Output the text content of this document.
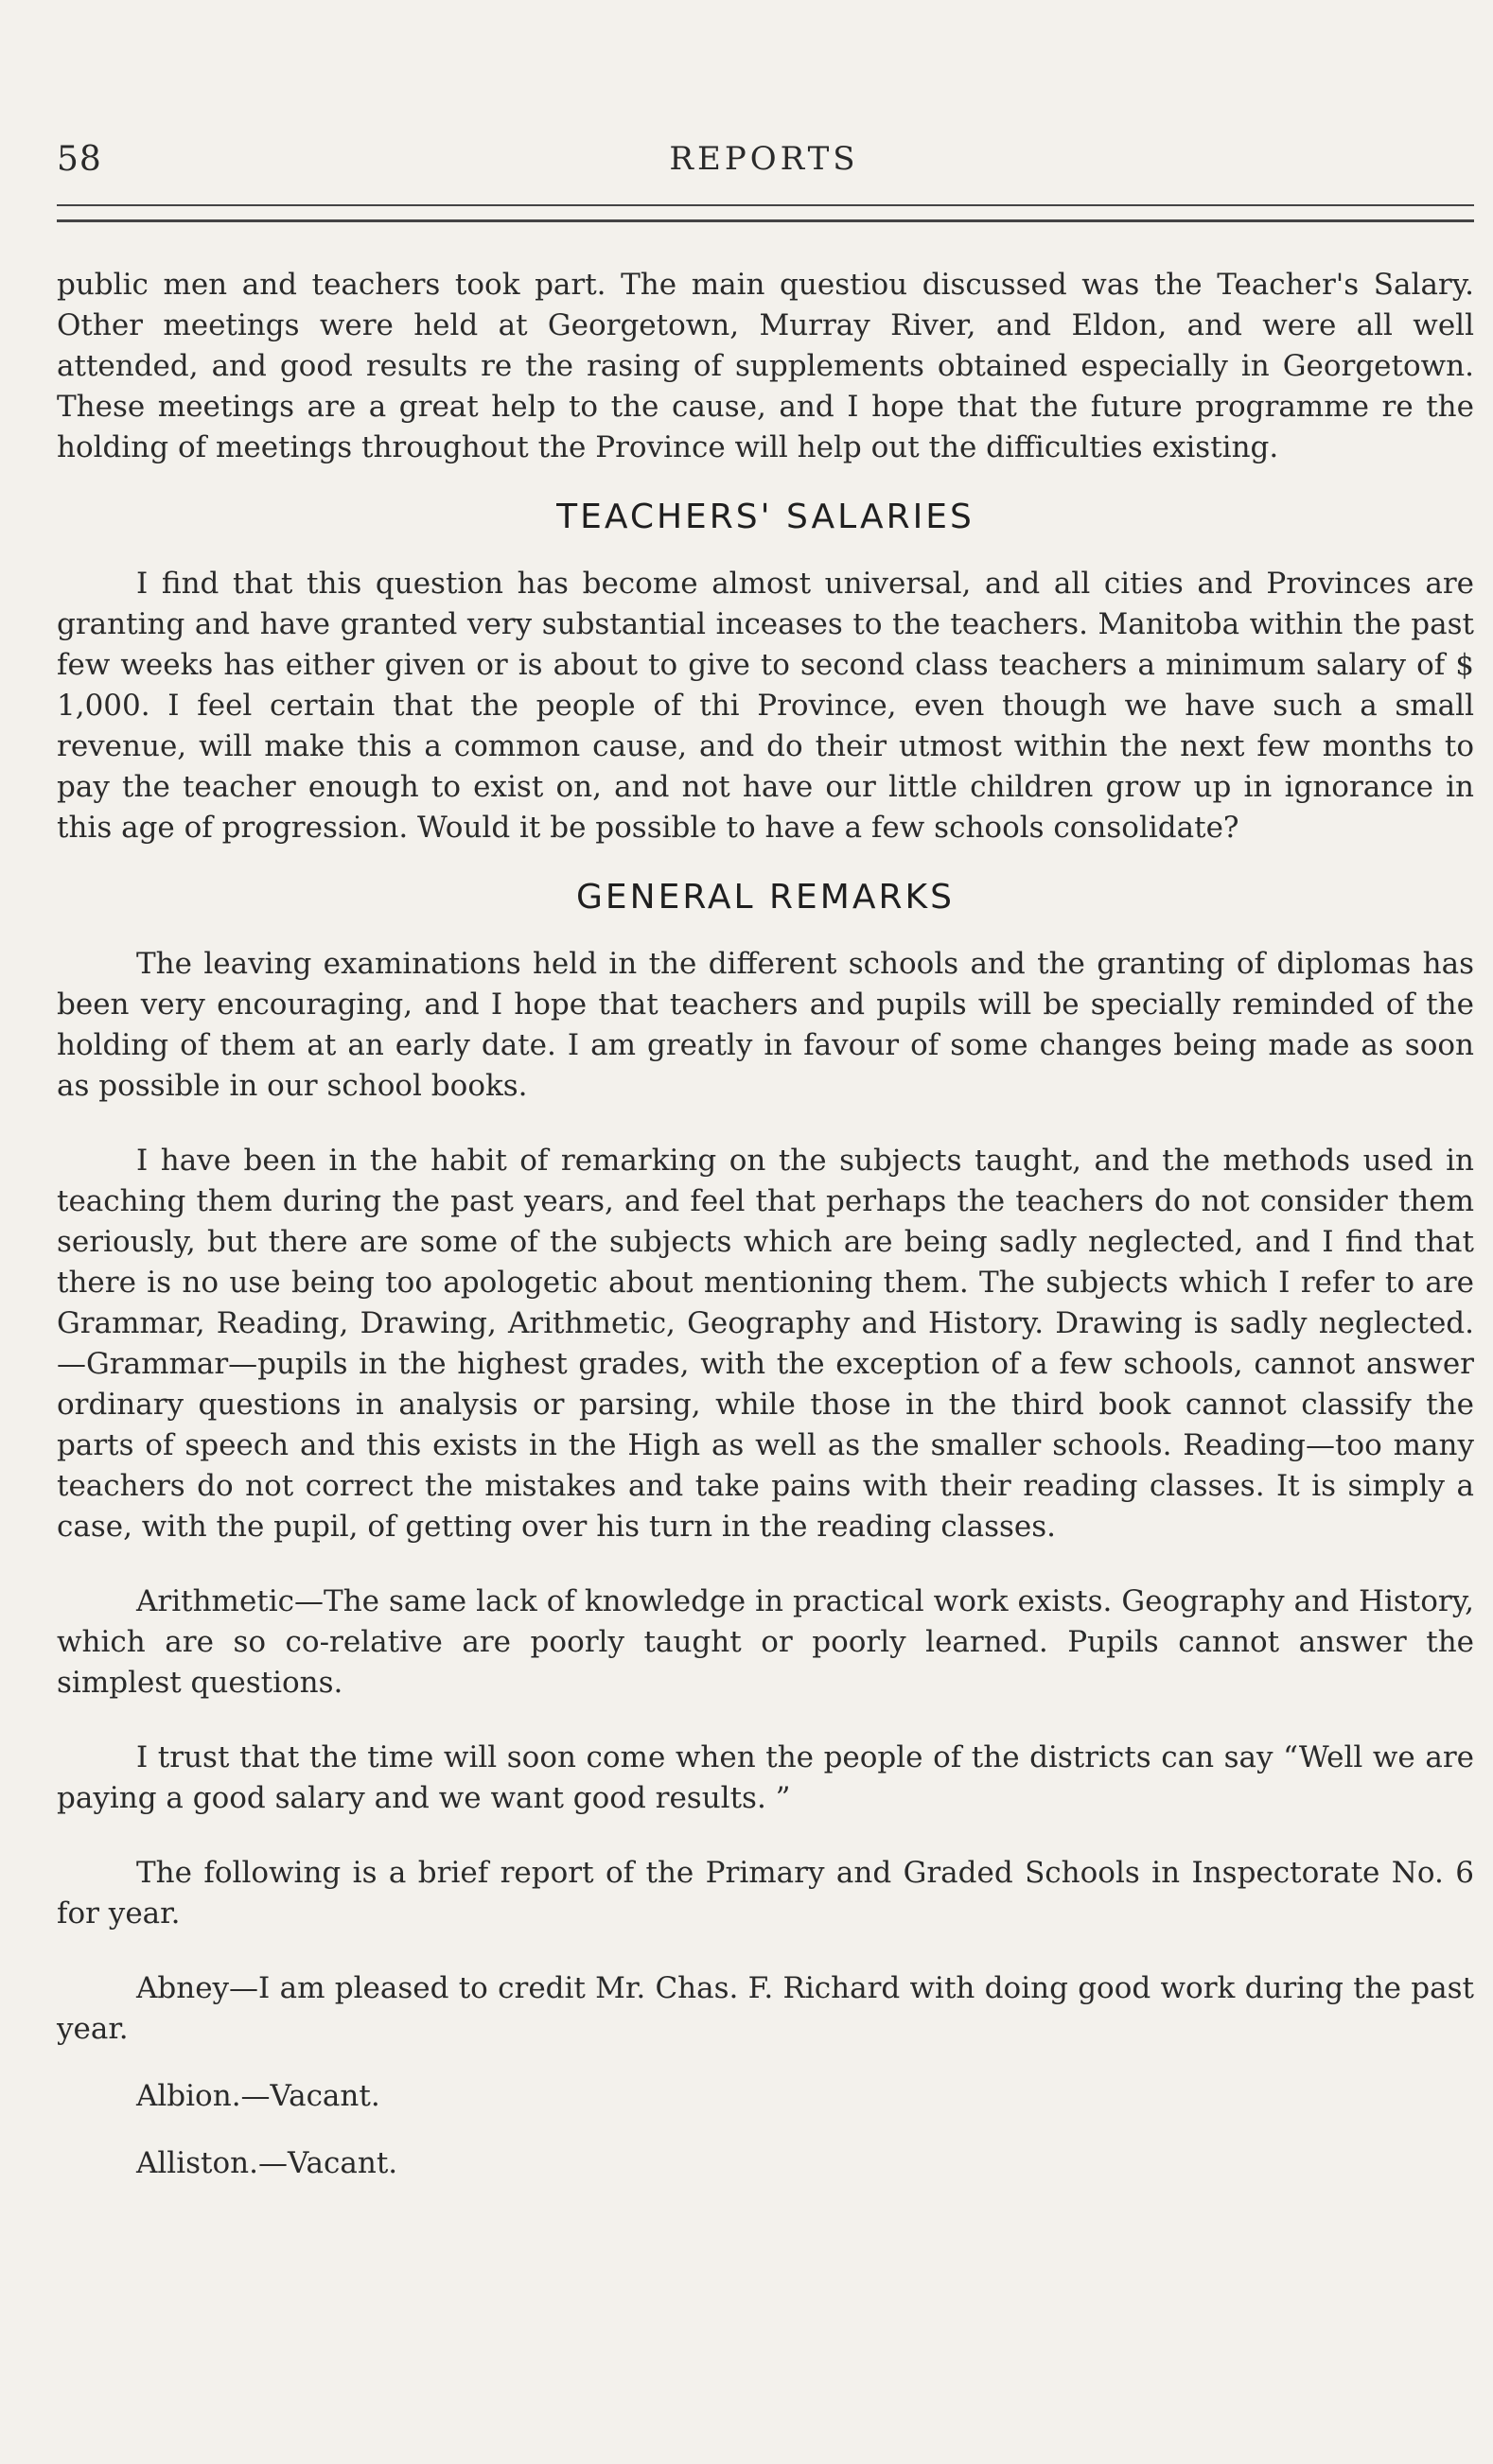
58	REPORTS

public men and teachers took part. The main questiou discussed was the Teacher's Salary. Other meetings were held at Georgetown, Murray River, and Eldon, and were all well attended, and good results re the rasing of supplements obtained especially in Georgetown. These meetings are a great help to the cause, and I hope that the future programme re the holding of meetings throughout the Province will help out the difficulties existing.

TEACHERS' SALARIES

I find that this question has become almost universal, and all cities and Provinces are granting and have granted very substantial inceases to the teachers. Manitoba within the past few weeks has either given or is about to give to second class teachers a minimum salary of $ 1,000. I feel certain that the people of thi Province, even though we have such a small revenue, will make this a common cause, and do their utmost within the next few months to pay the teacher enough to exist on, and not have our little children grow up in ignorance in this age of progression. Would it be possible to have a few schools consolidate?

GENERAL REMARKS

The leaving examinations held in the different schools and the granting of diplomas has been very encouraging, and I hope that teachers and pupils will be specially reminded of the holding of them at an early date. I am greatly in favour of some changes being made as soon as possible in our school books.

I have been in the habit of remarking on the subjects taught, and the methods used in teaching them during the past years, and feel that perhaps the teachers do not consider them seriously, but there are some of the subjects which are being sadly neglected, and I find that there is no use being too apologetic about mentioning them. The subjects which I refer to are Grammar, Reading, Drawing, Arithmetic, Geography and History. Drawing is sadly neglected.—Grammar—pupils in the highest grades, with the exception of a few schools, cannot answer ordinary questions in analysis or parsing, while those in the third book cannot classify the parts of speech and this exists in the High as well as the smaller schools. Reading—too many teachers do not correct the mistakes and take pains with their reading classes. It is simply a case, with the pupil, of getting over his turn in the reading classes.

Arithmetic—The same lack of knowledge in practical work exists. Geography and History, which are so co-relative are poorly taught or poorly learned. Pupils cannot answer the simplest questions.

I trust that the time will soon come when the people of the districts can say “Well we are paying a good salary and we want good results. ”

The following is a brief report of the Primary and Graded Schools in Inspectorate No. 6 for year.

Abney—I am pleased to credit Mr. Chas. F. Richard with doing good work during the past year.

Albion.—Vacant.

Alliston.—Vacant.
